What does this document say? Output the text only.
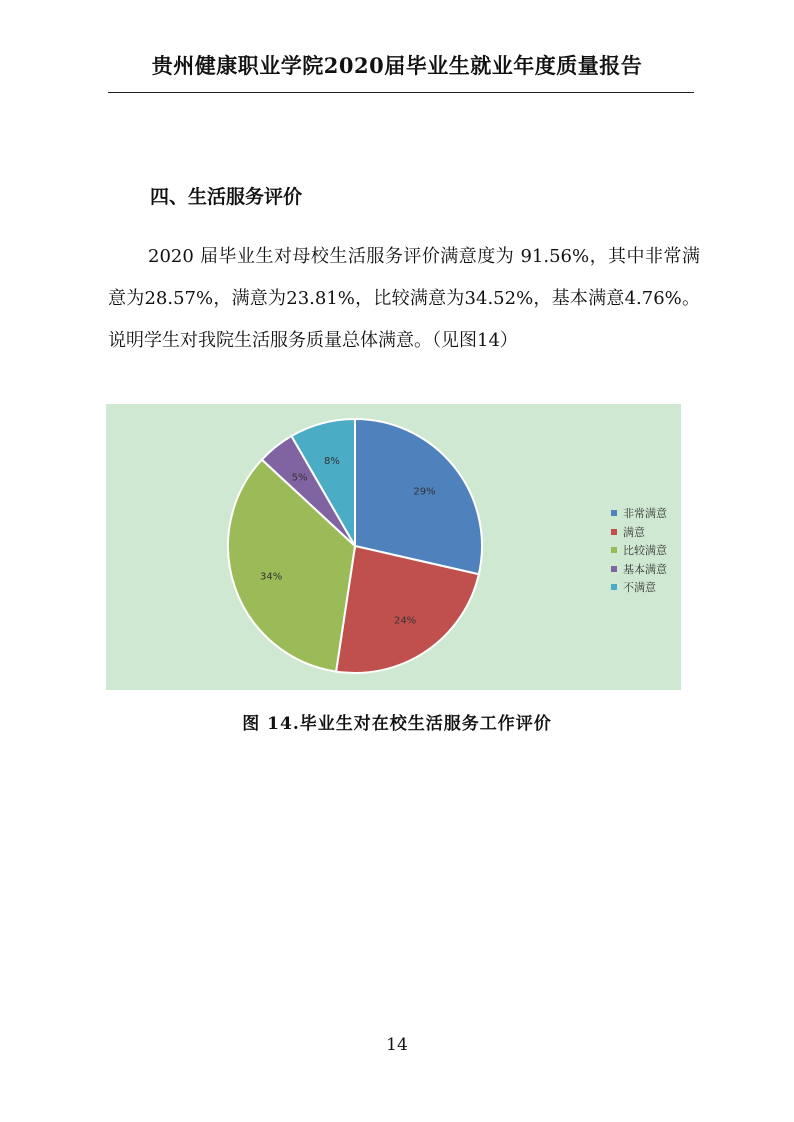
贵州健康职业学院2020届毕业生就业年度质量报告
四、生活服务评价

2020 届毕业生对母校生活服务评价满意度为 91.56%，其中非常满意为28.57%，满意为23.81%，比较满意为34.52%，基本满意4.76%。说明学生对我院生活服务质量总体满意。（见图14）

29%
24%
34%
5%
8%
非常满意
满意
比较满意
基本满意
不满意
图 14.毕业生对在校生活服务工作评价
14
